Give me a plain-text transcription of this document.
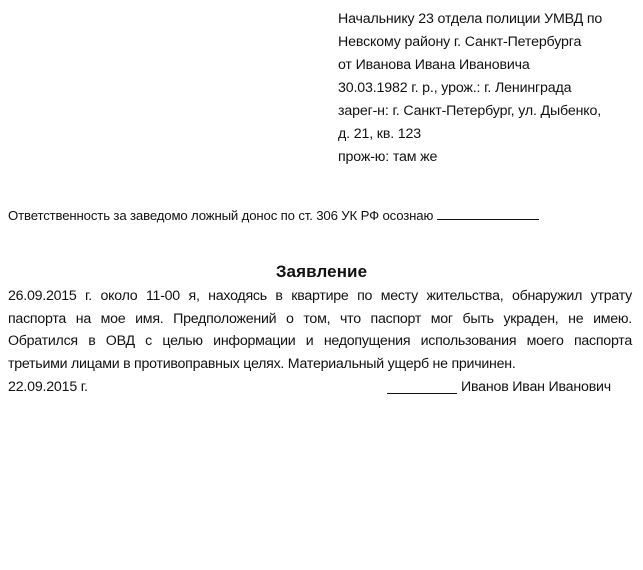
Начальнику 23 отдела полиции УМВД по
Невскому району г. Санкт-Петербурга
от Иванова Ивана Ивановича
30.03.1982 г. р., урож.: г. Ленинграда
зарег-н: г. Санкт-Петербург, ул. Дыбенко,
д. 21, кв. 123
прож-ю: там же
Ответственность за заведомо ложный донос по ст. 306 УК РФ осознаю
Заявление
26.09.2015 г. около 11-00 я, находясь в квартире по месту жительства, обнаружил утрату
паспорта на мое имя. Предположений о том, что паспорт мог быть украден, не имею.
Обратился в ОВД с целью информации и недопущения использования моего паспорта
третьими лицами в противоправных целях. Материальный ущерб не причинен.
22.09.2015 г.	Иванов Иван Иванович
